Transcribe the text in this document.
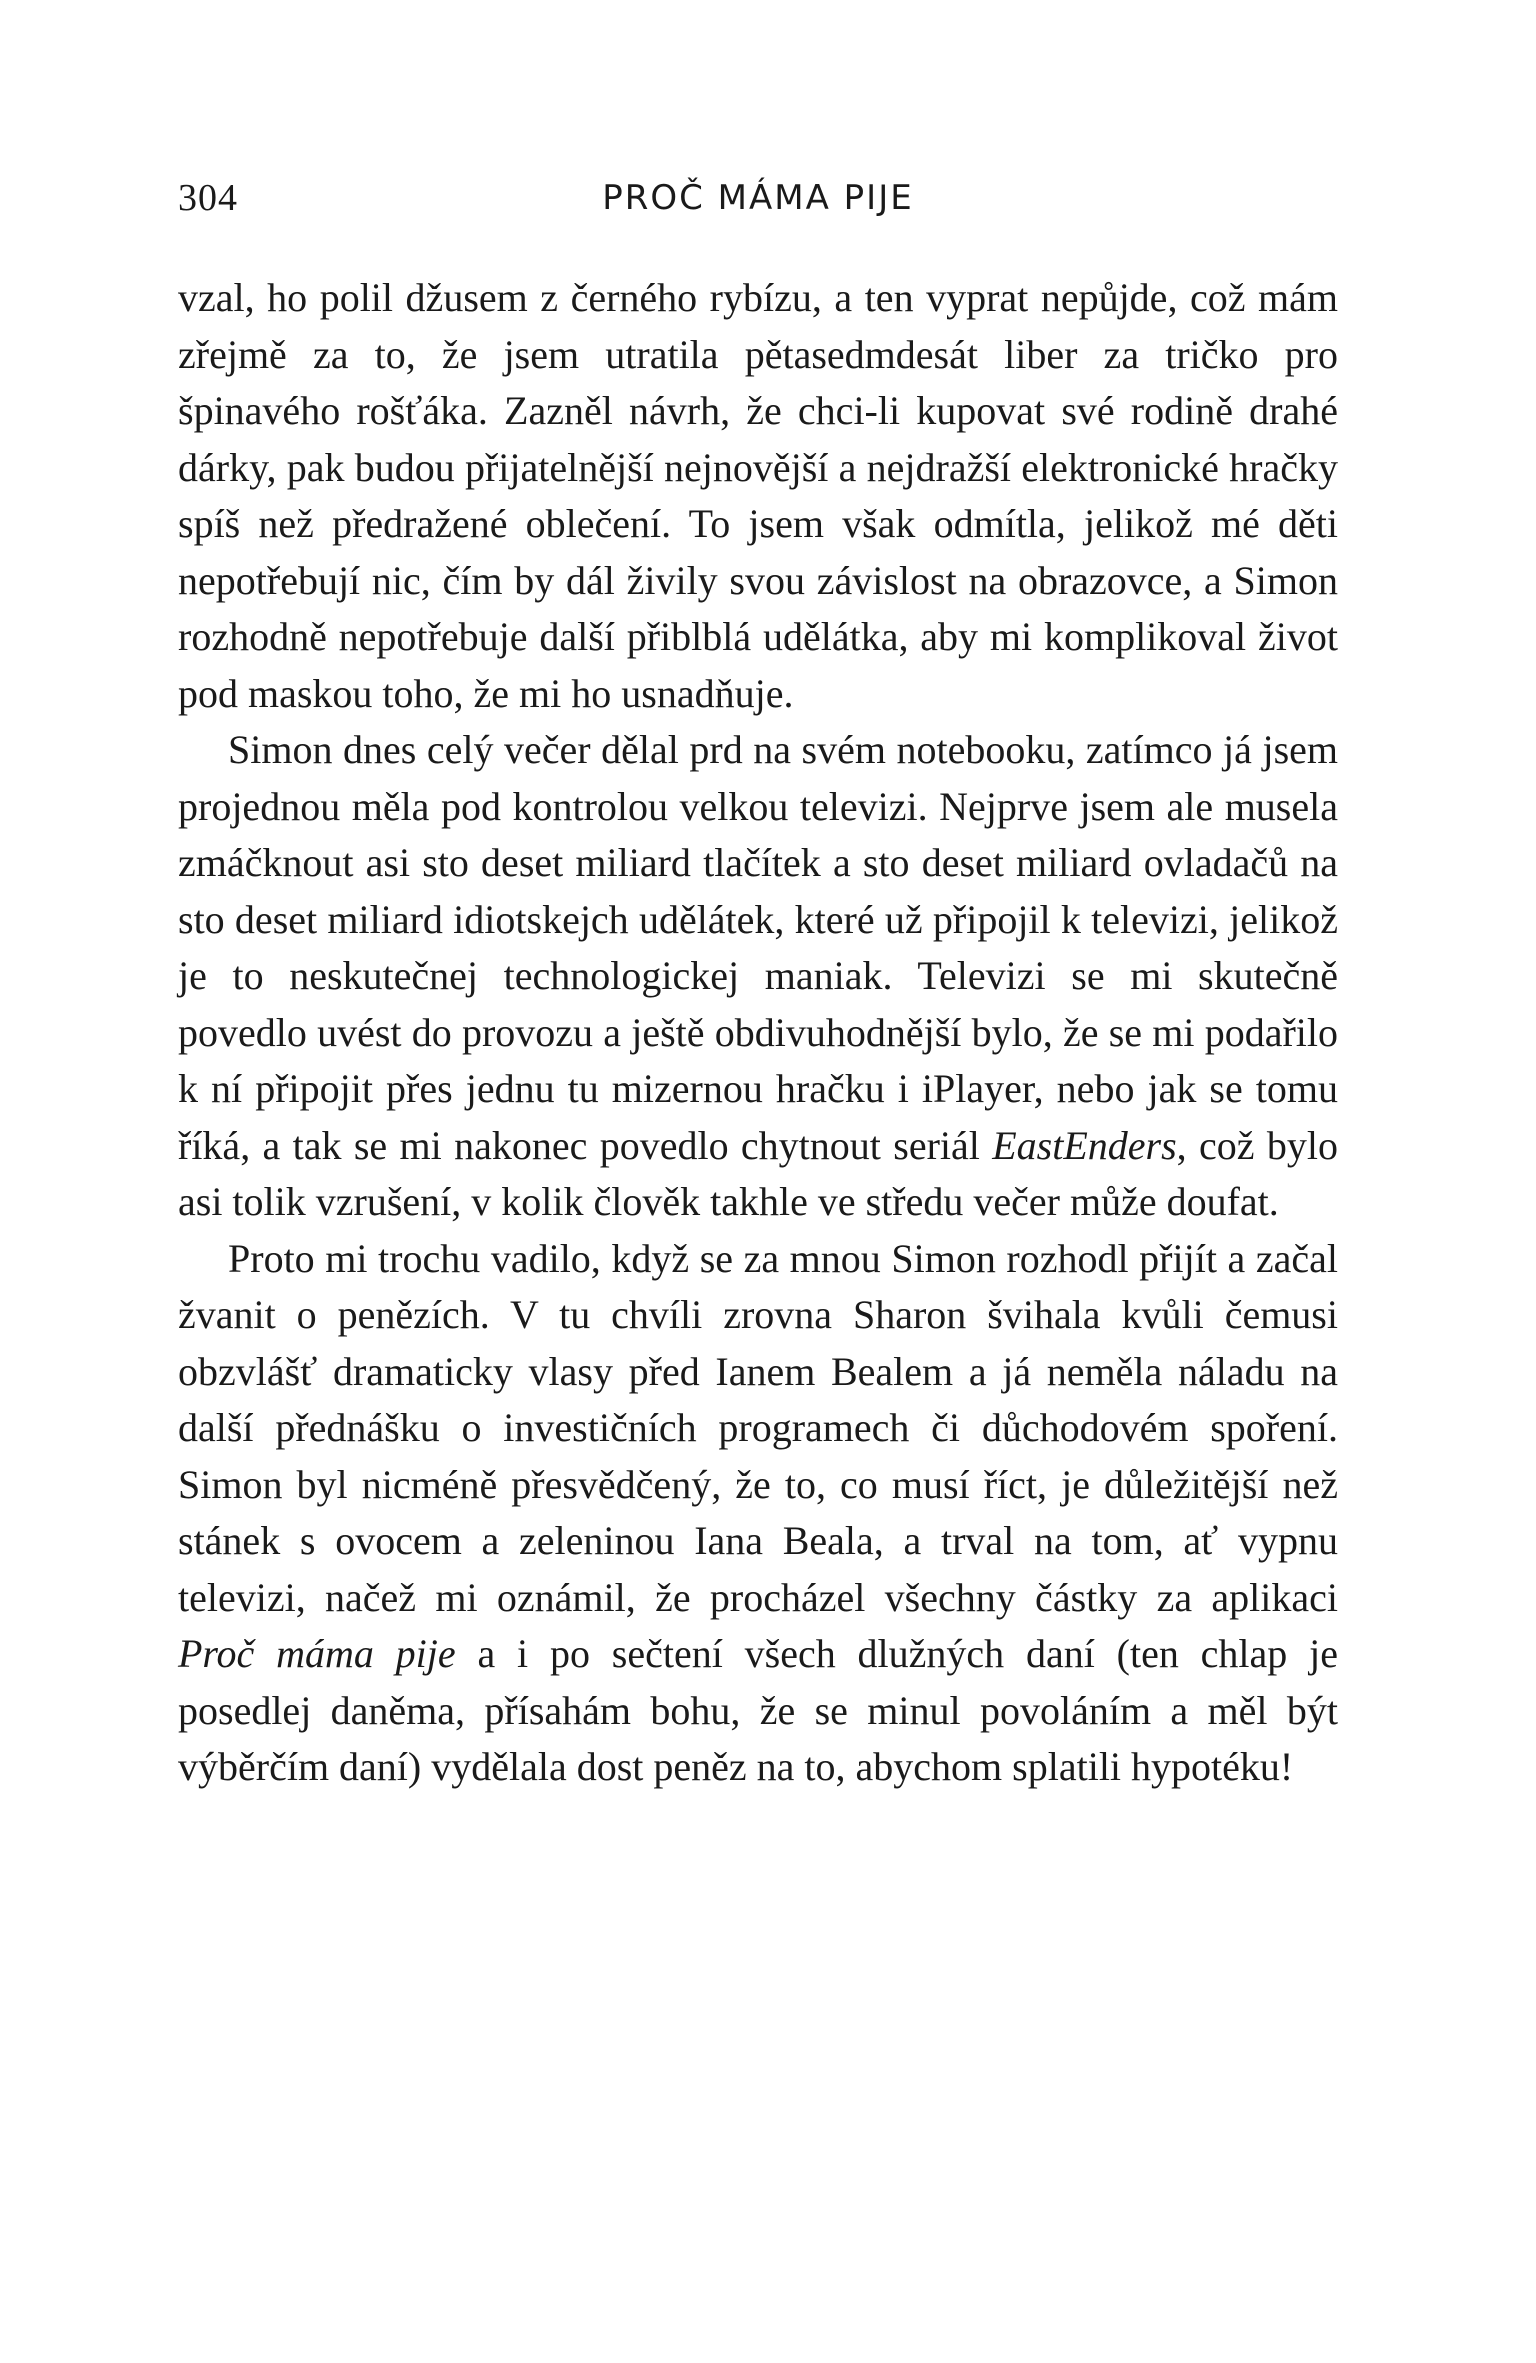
304	PROČ MÁMA PIJE

vzal, ho polil džusem z černého rybízu, a ten vyprat nepůjde, což mám zřejmě za to, že jsem utratila pětasedmdesát liber za tričko pro špinavého rošťáka. Zazněl návrh, že chci-li kupovat své rodině drahé dárky, pak budou přijatelnější nejnovější a nejdražší elektronické hračky spíš než předražené oblečení. To jsem však odmítla, jelikož mé děti nepotřebují nic, čím by dál živily svou závislost na obrazovce, a Simon rozhodně nepotřebuje další přiblblá udělátka, aby mi komplikoval život pod maskou toho, že mi ho usnadňuje.

Simon dnes celý večer dělal prd na svém notebooku, zatímco já jsem projednou měla pod kontrolou velkou televizi. Nejprve jsem ale musela zmáčknout asi sto deset miliard tlačítek a sto deset miliard ovladačů na sto deset miliard idiotskejch udělátek, které už připojil k televizi, jelikož je to neskutečnej technologickej maniak. Televizi se mi skutečně povedlo uvést do provozu a ještě obdivuhodnější bylo, že se mi podařilo k ní připojit přes jednu tu mizernou hračku i iPlayer, nebo jak se tomu říká, a tak se mi nakonec povedlo chytnout seriál EastEnders, což bylo asi tolik vzrušení, v kolik člověk takhle ve středu večer může doufat.

Proto mi trochu vadilo, když se za mnou Simon rozhodl přijít a začal žvanit o penězích. V tu chvíli zrovna Sharon švihala kvůli čemusi obzvlášť dramaticky vlasy před Ianem Bealem a já neměla náladu na další přednášku o investičních programech či důchodovém spoření. Simon byl nicméně přesvědčený, že to, co musí říct, je důležitější než stánek s ovocem a zeleninou Iana Beala, a trval na tom, ať vypnu televizi, načež mi oznámil, že procházel všechny částky za aplikaci Proč máma pije a i po sečtení všech dlužných daní (ten chlap je posedlej daněma, přísahám bohu, že se minul povoláním a měl být výběrčím daní) vydělala dost peněz na to, abychom splatili hypotéku!
